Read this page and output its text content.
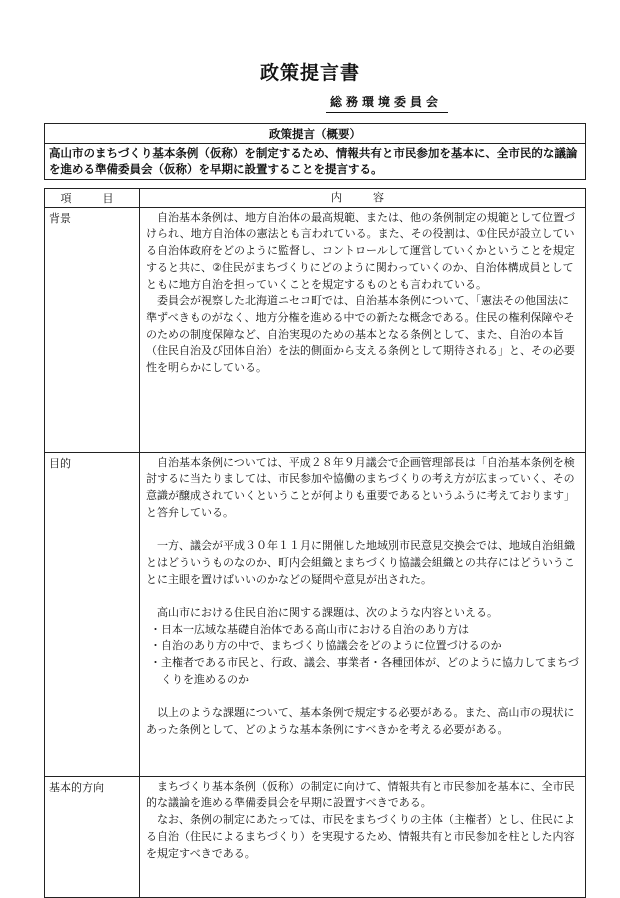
政策提言書
総務環境委員会
政策提言（概要）
高山市のまちづくり基本条例（仮称）を制定するため、情報共有と市民参加を基本に、全市民的な議論を進める準備委員会（仮称）を早期に設置することを提言する。
項　目	内　容
背景	自治基本条例は、地方自治体の最高規範、または、他の条例制定の規範として位置づけられ、地方自治体の憲法とも言われている。また、その役割は、①住民が設立している自治体政府をどのように監督し、コントロールして運営していくかということを規定すると共に、②住民がまちづくりにどのように関わっていくのか、自治体構成員としてともに地方自治を担っていくことを規定するものとも言われている。

委員会が視察した北海道ニセコ町では、自治基本条例について、「憲法その他国法に準ずべきものがなく、地方分権を進める中での新たな概念である。住民の権利保障やそのための制度保障など、自治実現のための基本となる条例として、また、自治の本旨（住民自治及び団体自治）を法的側面から支える条例として期待される」と、その必要性を明らかにしている。

目的	自治基本条例については、平成２８年９月議会で企画管理部長は「自治基本条例を検討するに当たりましては、市民参加や協働のまちづくりの考え方が広まっていく、その意識が醸成されていくということが何よりも重要であるというふうに考えております」と答弁している。

一方、議会が平成３０年１１月に開催した地域別市民意見交換会では、地域自治組織とはどういうものなのか、町内会組織とまちづくり協議会組織との共存にはどういうことに主眼を置けばいいのかなどの疑問や意見が出された。

高山市における住民自治に関する課題は、次のような内容といえる。

・日本一広域な基礎自治体である高山市における自治のあり方は

・自治のあり方の中で、まちづくり協議会をどのように位置づけるのか

・主権者である市民と、行政、議会、事業者・各種団体が、どのように協力してまちづくりを進めるのか

以上のような課題について、基本条例で規定する必要がある。また、高山市の現状にあった条例として、どのような基本条例にすべきかを考える必要がある。

基本的方向	まちづくり基本条例（仮称）の制定に向けて、情報共有と市民参加を基本に、全市民的な議論を進める準備委員会を早期に設置すべきである。

なお、条例の制定にあたっては、市民をまちづくりの主体（主権者）とし、住民による自治（住民によるまちづくり）を実現するため、情報共有と市民参加を柱とした内容を規定すべきである。
